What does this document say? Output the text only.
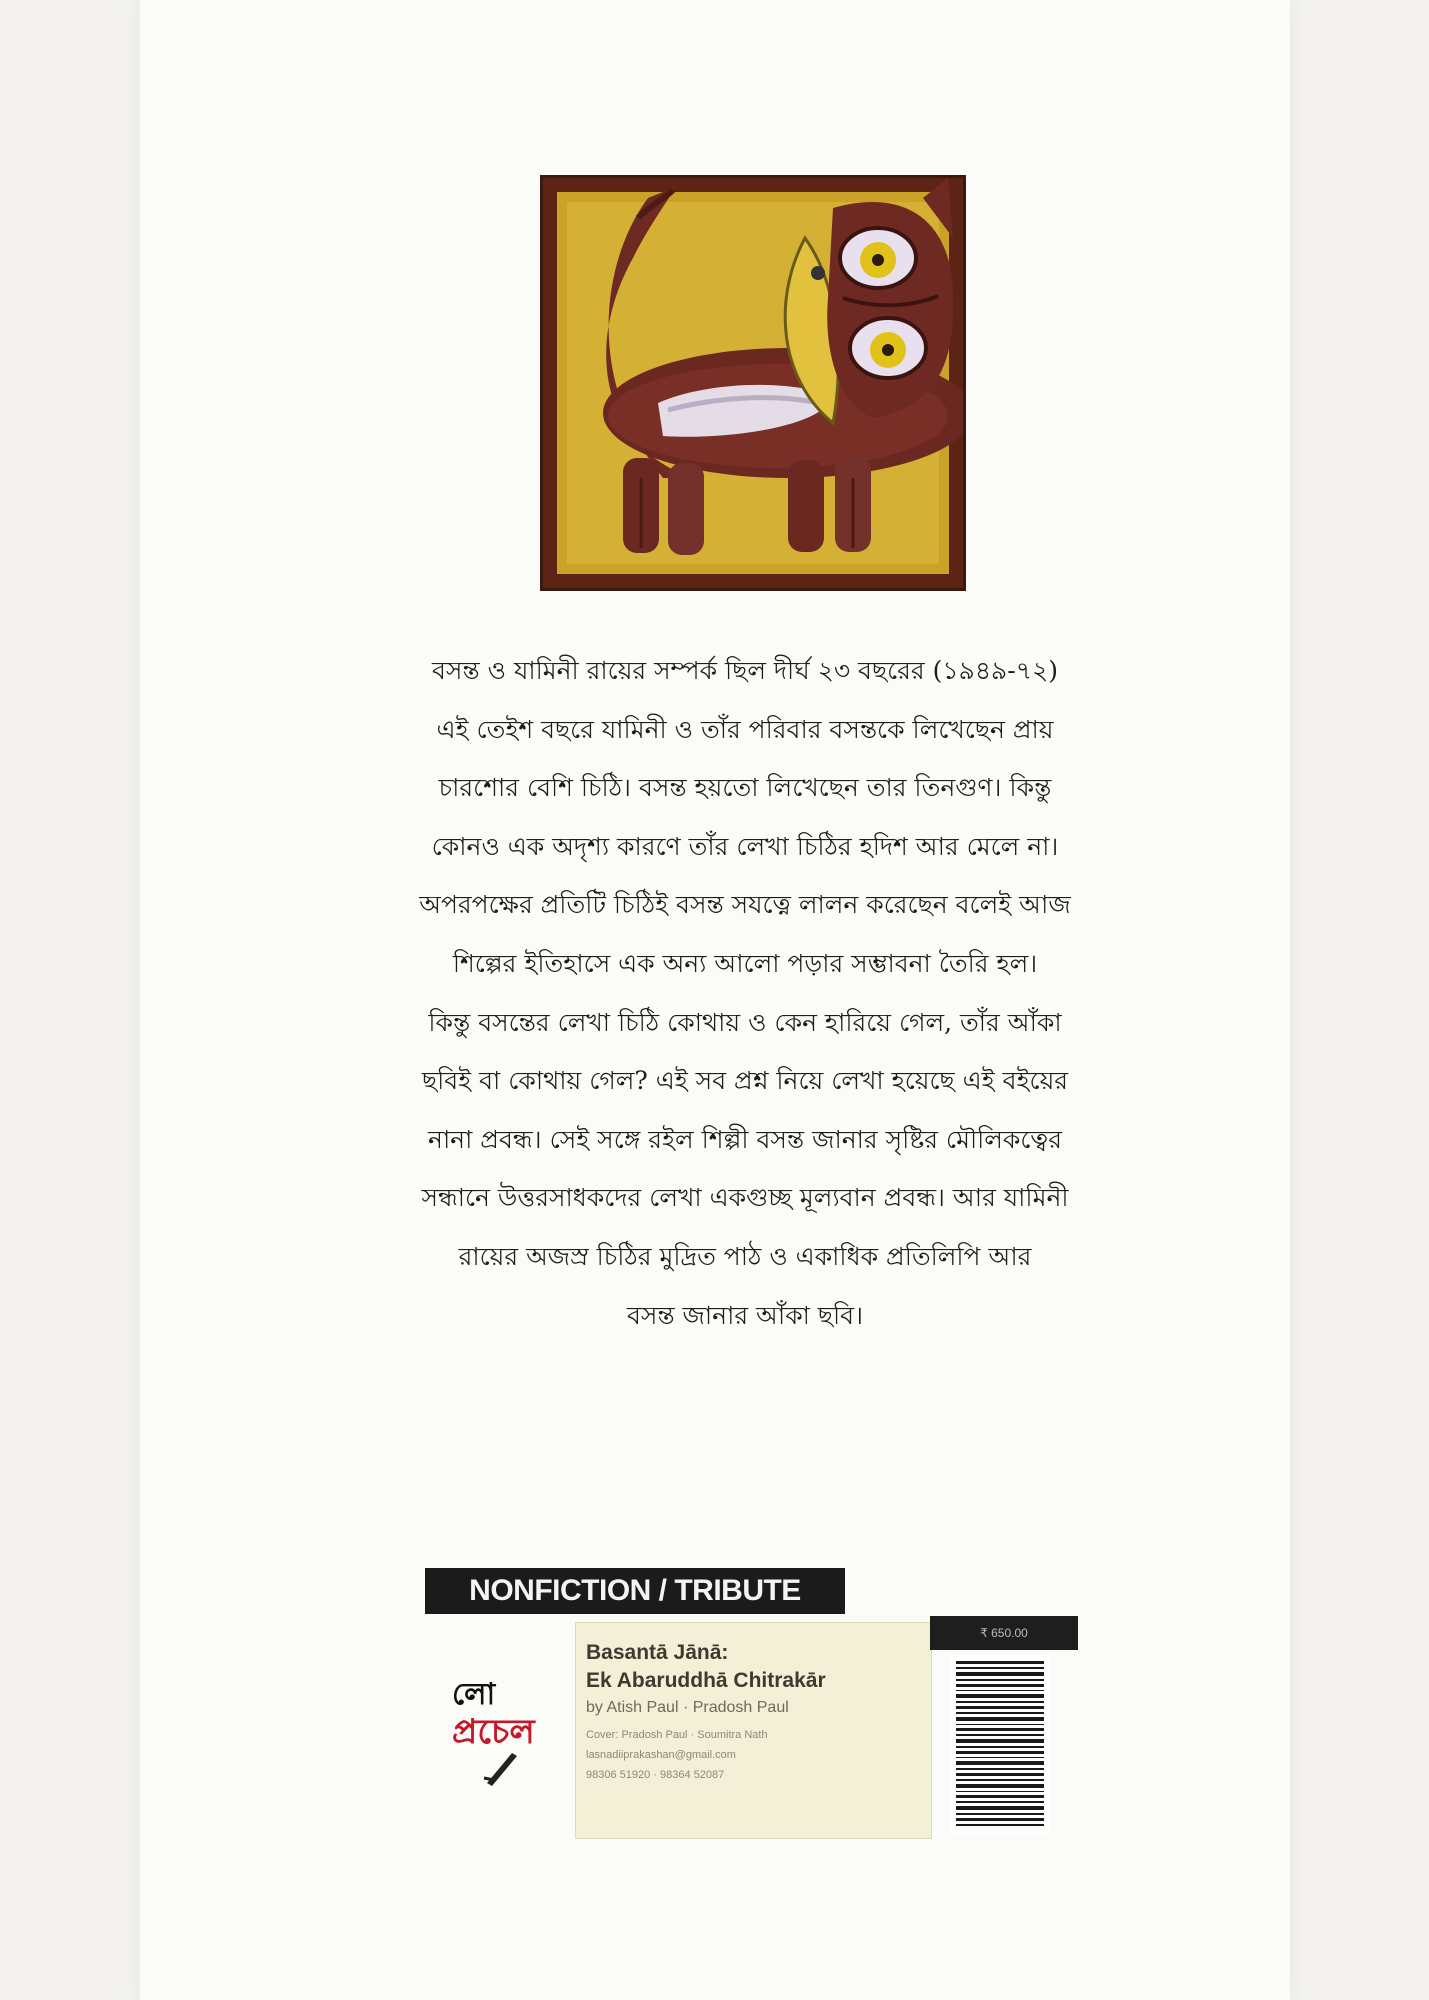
বসন্ত ও যামিনী রায়ের সম্পর্ক ছিল দীর্ঘ ২৩ বছরের (১৯৪৯-৭২)
এই তেইশ বছরে যামিনী ও তাঁর পরিবার বসন্তকে লিখেছেন প্রায়
চারশোর বেশি চিঠি। বসন্ত হয়তো লিখেছেন তার তিনগুণ। কিন্তু
কোনও এক অদৃশ্য কারণে তাঁর লেখা চিঠির হদিশ আর মেলে না।
অপরপক্ষের প্রতিটি চিঠিই বসন্ত সযত্নে লালন করেছেন বলেই আজ
শিল্পের ইতিহাসে এক অন্য আলো পড়ার সম্ভাবনা তৈরি হল।
কিন্তু বসন্তের লেখা চিঠি কোথায় ও কেন হারিয়ে গেল, তাঁর আঁকা
ছবিই বা কোথায় গেল? এই সব প্রশ্ন নিয়ে লেখা হয়েছে এই বইয়ের
নানা প্রবন্ধ। সেই সঙ্গে রইল শিল্পী বসন্ত জানার সৃষ্টির মৌলিকত্বের
সন্ধানে উত্তরসাধকদের লেখা একগুচ্ছ মূল্যবান প্রবন্ধ। আর যামিনী
রায়ের অজস্র চিঠির মুদ্রিত পাঠ ও একাধিক প্রতিলিপি আর
বসন্ত জানার আঁকা ছবি।
NONFICTION / TRIBUTE
লো
প্রচেল
Basantā Jānā:
Ek Abaruddhā Chitrakār
by Atish Paul · Pradosh Paul
Cover: Pradosh Paul · Soumitra Nath
lasnadiiprakashan@gmail.com
98306 51920 · 98364 52087
₹ 650.00
